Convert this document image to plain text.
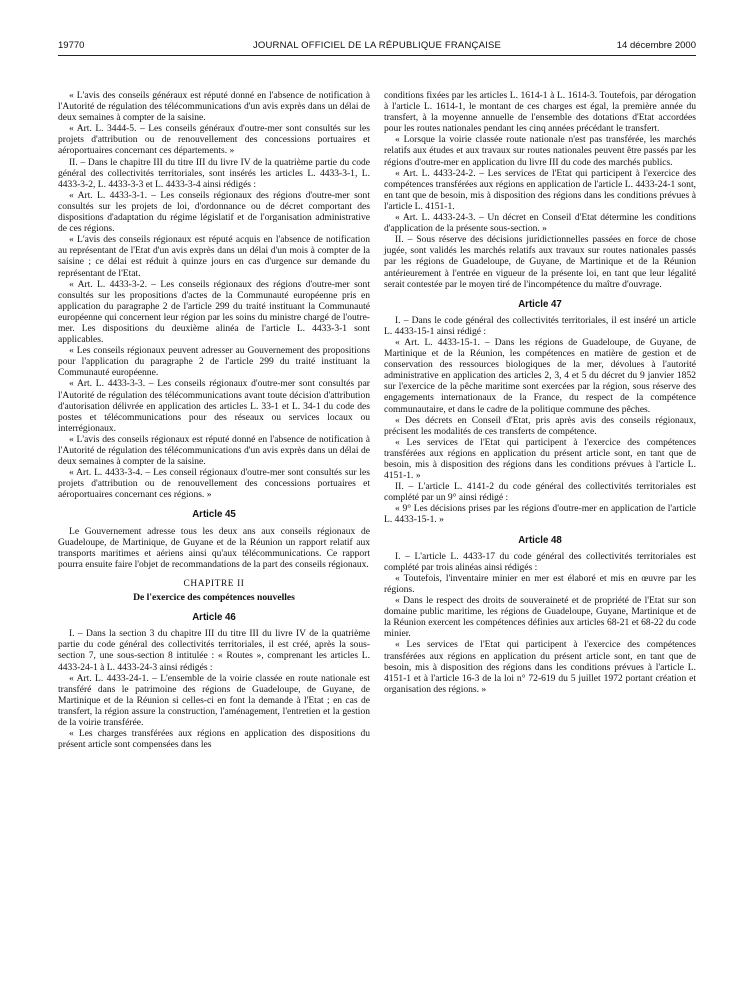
19770	JOURNAL OFFICIEL DE LA RÉPUBLIQUE FRANÇAISE	14 décembre 2000

« L'avis des conseils généraux est réputé donné en l'absence de notification à l'Autorité de régulation des télécommunications d'un avis exprès dans un délai de deux semaines à compter de la saisine.

« Art. L. 3444-5. – Les conseils généraux d'outre-mer sont consultés sur les projets d'attribution ou de renouvellement des concessions portuaires et aéroportuaires concernant ces départements. »

II. – Dans le chapitre III du titre III du livre IV de la quatrième partie du code général des collectivités territoriales, sont insérés les articles L. 4433-3-1, L. 4433-3-2, L. 4433-3-3 et L. 4433-3-4 ainsi rédigés :

« Art. L. 4433-3-1. – Les conseils régionaux des régions d'outre-mer sont consultés sur les projets de loi, d'ordonnance ou de décret comportant des dispositions d'adaptation du régime législatif et de l'organisation administrative de ces régions.

« L'avis des conseils régionaux est réputé acquis en l'absence de notification au représentant de l'Etat d'un avis exprès dans un délai d'un mois à compter de la saisine ; ce délai est réduit à quinze jours en cas d'urgence sur demande du représentant de l'Etat.

« Art. L. 4433-3-2. – Les conseils régionaux des régions d'outre-mer sont consultés sur les propositions d'actes de la Communauté européenne pris en application du paragraphe 2 de l'article 299 du traité instituant la Communauté européenne qui concernent leur région par les soins du ministre chargé de l'outre-mer. Les dispositions du deuxième alinéa de l'article L. 4433-3-1 sont applicables.

« Les conseils régionaux peuvent adresser au Gouvernement des propositions pour l'application du paragraphe 2 de l'article 299 du traité instituant la Communauté européenne.

« Art. L. 4433-3-3. – Les conseils régionaux d'outre-mer sont consultés par l'Autorité de régulation des télécommunications avant toute décision d'attribution d'autorisation délivrée en application des articles L. 33-1 et L. 34-1 du code des postes et télécommunications pour des réseaux ou services locaux ou interrégionaux.

« L'avis des conseils régionaux est réputé donné en l'absence de notification à l'Autorité de régulation des télécommunications d'un avis exprès dans un délai de deux semaines à compter de la saisine.

« Art. L. 4433-3-4. – Les conseil régionaux d'outre-mer sont consultés sur les projets d'attribution ou de renouvellement des concessions portuaires et aéroportuaires concernant ces régions. »

Article 45

Le Gouvernement adresse tous les deux ans aux conseils régionaux de Guadeloupe, de Martinique, de Guyane et de la Réunion un rapport relatif aux transports maritimes et aériens ainsi qu'aux télécommunications. Ce rapport pourra ensuite faire l'objet de recommandations de la part des conseils régionaux.

CHAPITRE II

De l'exercice des compétences nouvelles

Article 46

I. – Dans la section 3 du chapitre III du titre III du livre IV de la quatrième partie du code général des collectivités territoriales, il est créé, après la sous-section 7, une sous-section 8 intitulée : « Routes », comprenant les articles L. 4433-24-1 à L. 4433-24-3 ainsi rédigés :

« Art. L. 4433-24-1. – L'ensemble de la voirie classée en route nationale est transféré dans le patrimoine des régions de Guadeloupe, de Guyane, de Martinique et de la Réunion si celles-ci en font la demande à l'Etat ; en cas de transfert, la région assure la construction, l'aménagement, l'entretien et la gestion de la voirie transférée.

« Les charges transférées aux régions en application des dispositions du présent article sont compensées dans les

conditions fixées par les articles L. 1614-1 à L. 1614-3. Toutefois, par dérogation à l'article L. 1614-1, le montant de ces charges est égal, la première année du transfert, à la moyenne annuelle de l'ensemble des dotations d'Etat accordées pour les routes nationales pendant les cinq années précédant le transfert.

« Lorsque la voirie classée route nationale n'est pas transférée, les marchés relatifs aux études et aux travaux sur routes nationales peuvent être passés par les régions d'outre-mer en application du livre III du code des marchés publics.

« Art. L. 4433-24-2. – Les services de l'Etat qui participent à l'exercice des compétences transférées aux régions en application de l'article L. 4433-24-1 sont, en tant que de besoin, mis à disposition des régions dans les conditions prévues à l'article L. 4151-1.

« Art. L. 4433-24-3. – Un décret en Conseil d'Etat détermine les conditions d'application de la présente sous-section. »

II. – Sous réserve des décisions juridictionnelles passées en force de chose jugée, sont validés les marchés relatifs aux travaux sur routes nationales passés par les régions de Guadeloupe, de Guyane, de Martinique et de la Réunion antérieurement à l'entrée en vigueur de la présente loi, en tant que leur légalité serait contestée par le moyen tiré de l'incompétence du maître d'ouvrage.

Article 47

I. – Dans le code général des collectivités territoriales, il est inséré un article L. 4433-15-1 ainsi rédigé :

« Art. L. 4433-15-1. – Dans les régions de Guadeloupe, de Guyane, de Martinique et de la Réunion, les compétences en matière de gestion et de conservation des ressources biologiques de la mer, dévolues à l'autorité administrative en application des articles 2, 3, 4 et 5 du décret du 9 janvier 1852 sur l'exercice de la pêche maritime sont exercées par la région, sous réserve des engagements internationaux de la France, du respect de la compétence communautaire, et dans le cadre de la politique commune des pêches.

« Des décrets en Conseil d'Etat, pris après avis des conseils régionaux, précisent les modalités de ces transferts de compétence.

« Les services de l'Etat qui participent à l'exercice des compétences transférées aux régions en application du présent article sont, en tant que de besoin, mis à disposition des régions dans les conditions prévues à l'article L. 4151-1. »

II. – L'article L. 4141-2 du code général des collectivités territoriales est complété par un 9° ainsi rédigé :

« 9° Les décisions prises par les régions d'outre-mer en application de l'article L. 4433-15-1. »

Article 48

I. – L'article L. 4433-17 du code général des collectivités territoriales est complété par trois alinéas ainsi rédigés :

« Toutefois, l'inventaire minier en mer est élaboré et mis en œuvre par les régions.

« Dans le respect des droits de souveraineté et de propriété de l'Etat sur son domaine public maritime, les régions de Guadeloupe, Guyane, Martinique et de la Réunion exercent les compétences définies aux articles 68-21 et 68-22 du code minier.

« Les services de l'Etat qui participent à l'exercice des compétences transférées aux régions en application du présent article sont, en tant que de besoin, mis à disposition des régions dans les conditions prévues à l'article L. 4151-1 et à l'article 16-3 de la loi n° 72-619 du 5 juillet 1972 portant création et organisation des régions. »
